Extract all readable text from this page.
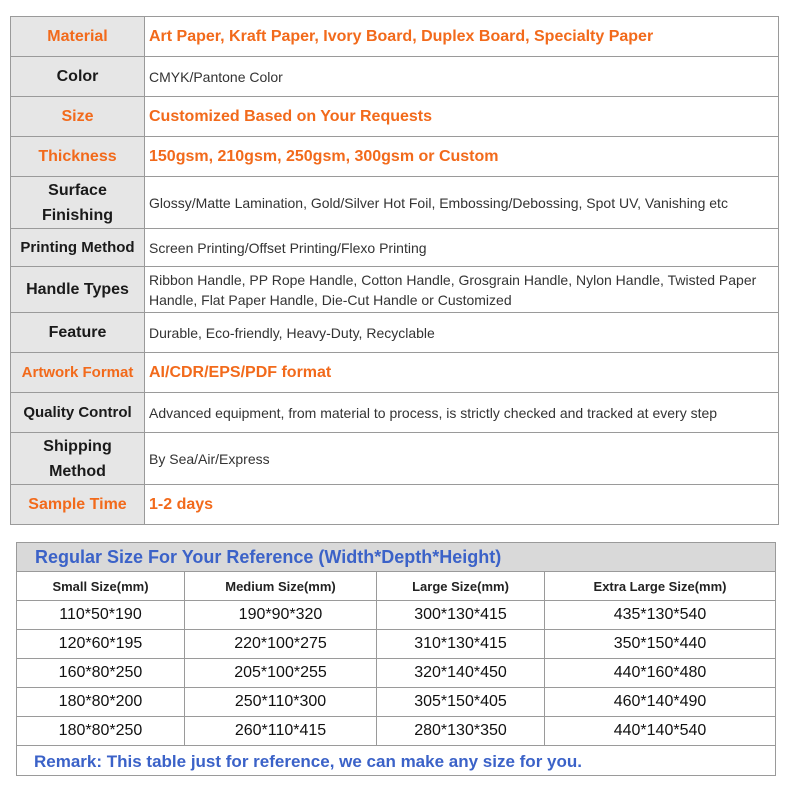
Material	Art Paper, Kraft Paper, Ivory Board, Duplex Board, Specialty Paper
Color	CMYK/Pantone Color
Size	Customized Based on Your Requests
Thickness	150gsm, 210gsm, 250gsm, 300gsm or Custom
Surface Finishing	Glossy/Matte Lamination, Gold/Silver Hot Foil, Embossing/Debossing, Spot UV, Vanishing etc
Printing Method	Screen Printing/Offset Printing/Flexo Printing
Handle Types	Ribbon Handle, PP Rope Handle, Cotton Handle, Grosgrain Handle, Nylon Handle, Twisted Paper Handle, Flat Paper Handle, Die-Cut Handle or Customized
Feature	Durable, Eco-friendly, Heavy-Duty, Recyclable
Artwork Format	AI/CDR/EPS/PDF format
Quality Control	Advanced equipment, from material to process, is strictly checked and tracked at every step
Shipping Method	By Sea/Air/Express
Sample Time	1-2 days
Regular Size For Your Reference (Width*Depth*Height)
Small Size(mm)	Medium Size(mm)	Large Size(mm)	Extra Large Size(mm)
110*50*190	190*90*320	300*130*415	435*130*540
120*60*195	220*100*275	310*130*415	350*150*440
160*80*250	205*100*255	320*140*450	440*160*480
180*80*200	250*110*300	305*150*405	460*140*490
180*80*250	260*110*415	280*130*350	440*140*540
Remark: This table just for reference, we can make any size for you.
